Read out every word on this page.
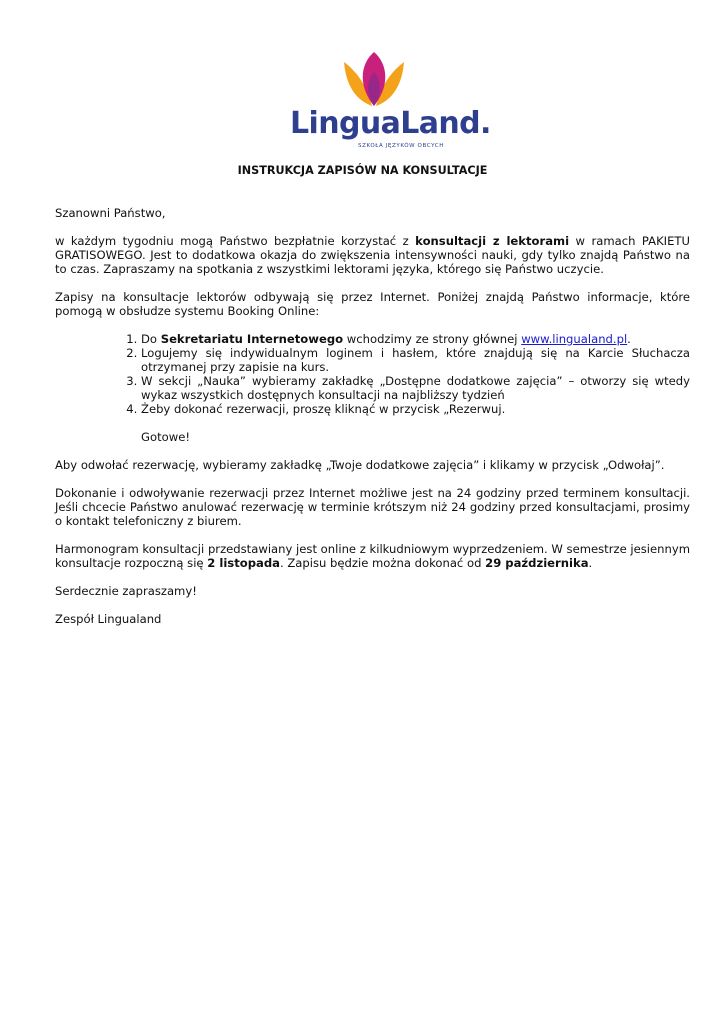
LinguaLand.
SZKOŁA JĘZYKÓW OBCYCH
INSTRUKCJA ZAPISÓW NA KONSULTACJE

Szanowni Państwo,

w każdym tygodniu mogą Państwo bezpłatnie korzystać z konsultacji z lektorami w ramach PAKIETU GRATISOWEGO. Jest to dodatkowa okazja do zwiększenia intensywności nauki, gdy tylko znajdą Państwo na to czas. Zapraszamy na spotkania z wszystkimi lektorami języka, którego się Państwo uczycie.

Zapisy na konsultacje lektorów odbywają się przez Internet. Poniżej znajdą Państwo informacje, które pomogą w obsłudze systemu Booking Online:

1. Do Sekretariatu Internetowego wchodzimy ze strony głównej www.lingualand.pl.
2. Logujemy się indywidualnym loginem i hasłem, które znajdują się na Karcie Słuchacza otrzymanej przy zapisie na kurs.
3. W sekcji „Nauka” wybieramy zakładkę „Dostępne dodatkowe zajęcia” – otworzy się wtedy wykaz wszystkich dostępnych konsultacji na najbliższy tydzień
4. Żeby dokonać rezerwacji, proszę kliknąć w przycisk „Rezerwuj.
Gotowe!

Aby odwołać rezerwację, wybieramy zakładkę „Twoje dodatkowe zajęcia” i klikamy w przycisk „Odwołaj”.

Dokonanie i odwoływanie rezerwacji przez Internet możliwe jest na 24 godziny przed terminem konsultacji. Jeśli chcecie Państwo anulować rezerwację w terminie krótszym niż 24 godziny przed konsultacjami, prosimy o kontakt telefoniczny z biurem.

Harmonogram konsultacji przedstawiany jest online z kilkudniowym wyprzedzeniem. W semestrze jesiennym konsultacje rozpoczną się 2 listopada. Zapisu będzie można dokonać od 29 października.

Serdecznie zapraszamy!

Zespół Lingualand
